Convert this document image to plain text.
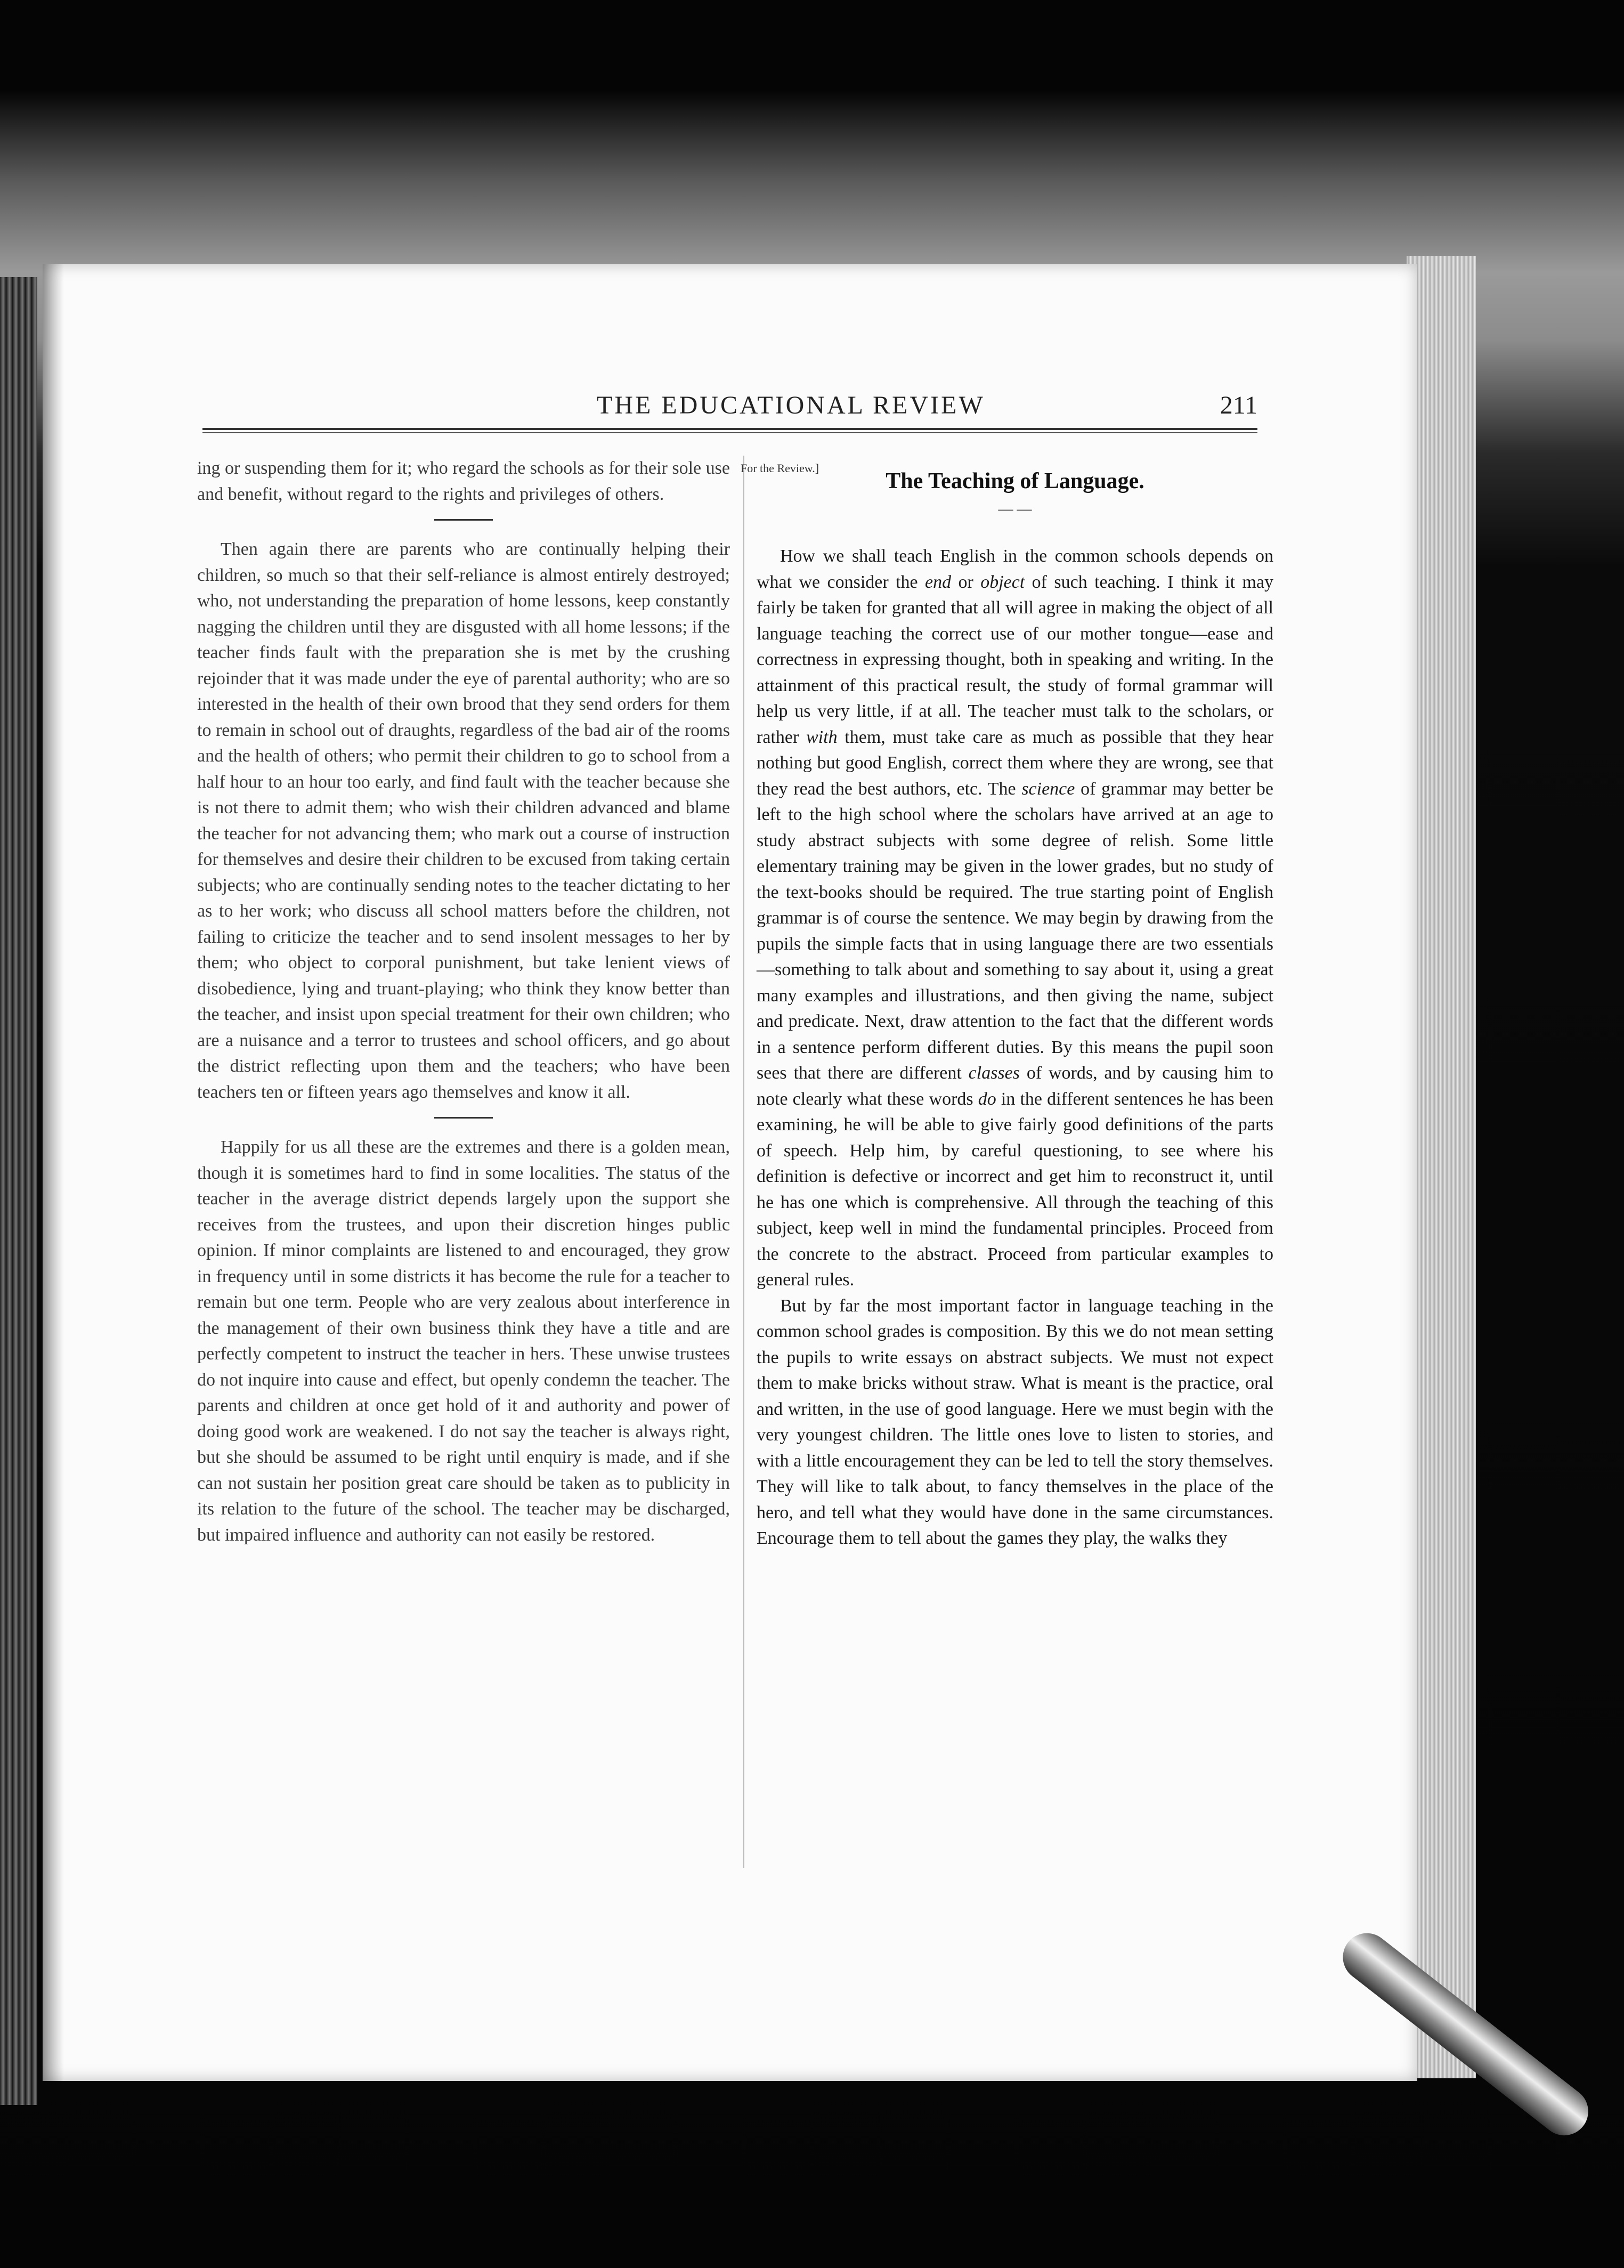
THE EDUCATIONAL REVIEW	211

ing or suspending them for it; who regard the schools as for their sole use and benefit, without regard to the rights and privileges of others.

Then again there are parents who are continually helping their children, so much so that their self-reliance is almost entirely destroyed; who, not understanding the preparation of home lessons, keep constantly nagging the children until they are disgusted with all home lessons; if the teacher finds fault with the preparation she is met by the crushing rejoinder that it was made under the eye of parental authority; who are so interested in the health of their own brood that they send orders for them to remain in school out of draughts, regardless of the bad air of the rooms and the health of others; who permit their children to go to school from a half hour to an hour too early, and find fault with the teacher because she is not there to admit them; who wish their children advanced and blame the teacher for not advancing them; who mark out a course of instruction for themselves and desire their children to be excused from taking certain subjects; who are continually sending notes to the teacher dictating to her as to her work; who discuss all school matters before the children, not failing to criticize the teacher and to send insolent messages to her by them; who object to corporal punishment, but take lenient views of disobedience, lying and truant-playing; who think they know better than the teacher, and insist upon special treatment for their own children; who are a nuisance and a terror to trustees and school officers, and go about the district reflecting upon them and the teachers; who have been teachers ten or fifteen years ago themselves and know it all.

Happily for us all these are the extremes and there is a golden mean, though it is sometimes hard to find in some localities. The status of the teacher in the average district depends largely upon the support she receives from the trustees, and upon their discretion hinges public opinion. If minor complaints are listened to and encouraged, they grow in frequency until in some districts it has become the rule for a teacher to remain but one term. People who are very zealous about interference in the management of their own business think they have a title and are perfectly competent to instruct the teacher in hers. These unwise trustees do not inquire into cause and effect, but openly condemn the teacher. The parents and children at once get hold of it and authority and power of doing good work are weakened. I do not say the teacher is always right, but she should be assumed to be right until enquiry is made, and if she can not sustain her position great care should be taken as to publicity in its relation to the future of the school. The teacher may be discharged, but impaired influence and authority can not easily be restored.

For the Review.]
The Teaching of Language.
— —

How we shall teach English in the common schools depends on what we consider the end or object of such teaching. I think it may fairly be taken for granted that all will agree in making the object of all language teaching the correct use of our mother tongue—ease and correctness in expressing thought, both in speaking and writing. In the attainment of this practical result, the study of formal grammar will help us very little, if at all. The teacher must talk to the scholars, or rather with them, must take care as much as possible that they hear nothing but good English, correct them where they are wrong, see that they read the best authors, etc. The science of grammar may better be left to the high school where the scholars have arrived at an age to study abstract subjects with some degree of relish. Some little elementary training may be given in the lower grades, but no study of the text-books should be required. The true starting point of English grammar is of course the sentence. We may begin by drawing from the pupils the simple facts that in using language there are two essentials—something to talk about and something to say about it, using a great many examples and illustrations, and then giving the name, subject and predicate. Next, draw attention to the fact that the different words in a sentence perform different duties. By this means the pupil soon sees that there are different classes of words, and by causing him to note clearly what these words do in the different sentences he has been examining, he will be able to give fairly good definitions of the parts of speech. Help him, by careful questioning, to see where his definition is defective or incorrect and get him to reconstruct it, until he has one which is comprehensive. All through the teaching of this subject, keep well in mind the fundamental principles. Proceed from the concrete to the abstract. Proceed from particular examples to general rules.

But by far the most important factor in language teaching in the common school grades is composition. By this we do not mean setting the pupils to write essays on abstract subjects. We must not expect them to make bricks without straw. What is meant is the practice, oral and written, in the use of good language. Here we must begin with the very youngest children. The little ones love to listen to stories, and with a little encouragement they can be led to tell the story themselves. They will like to talk about, to fancy themselves in the place of the hero, and tell what they would have done in the same circumstances. Encourage them to tell about the games they play, the walks they
